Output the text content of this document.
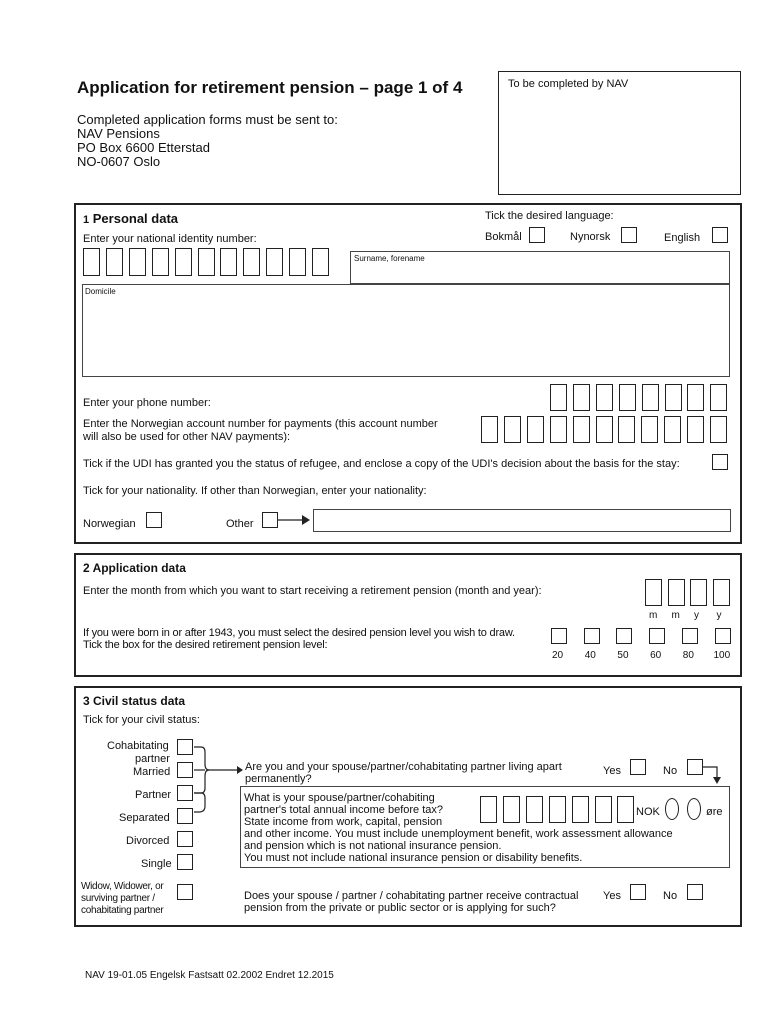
Application for retirement pension – page 1 of 4
Completed application forms must be sent to:
NAV Pensions
PO Box 6600 Etterstad
NO-0607 Oslo
To be completed by NAV
1 Personal data	Tick the desired language:
Bokmål	Nynorsk	English
Enter your national identity number:
Surname, forename
Domicile
Enter your phone number:
Enter the Norwegian account number for payments (this account number
will also be used for other NAV payments):
Tick if the UDI has granted you the status of refugee, and enclose a copy of the UDI's decision about the basis for the stay:
Tick for your nationality. If other than Norwegian, enter your nationality:
Norwegian	Other
2 Application data
Enter the month from which you want to start receiving a retirement pension (month and year):
m m y y
If you were born in or after 1943, you must select the desired pension level you wish to draw.
Tick the box for the desired retirement pension level:
20 40 50 60 80 100
3 Civil status data
Tick for your civil status:
Cohabitating
partner
Married
Partner
Separated
Divorced
Single
Widow, Widower, or
surviving partner /
cohabitating partner
Are you and your spouse/partner/cohabitating partner living apart
permanently?
Yes	No
What is your spouse/partner/cohabiting
partner's total annual income before tax?
State income from work, capital, pension
and other income. You must include unemployment benefit, work assessment allowance
and pension which is not national insurance pension.
You must not include national insurance pension or disability benefits.
NOK	øre
Does your spouse / partner / cohabitating partner receive contractual
pension from the private or public sector or is applying for such?
Yes	No
NAV 19-01.05 Engelsk Fastsatt 02.2002 Endret 12.2015
